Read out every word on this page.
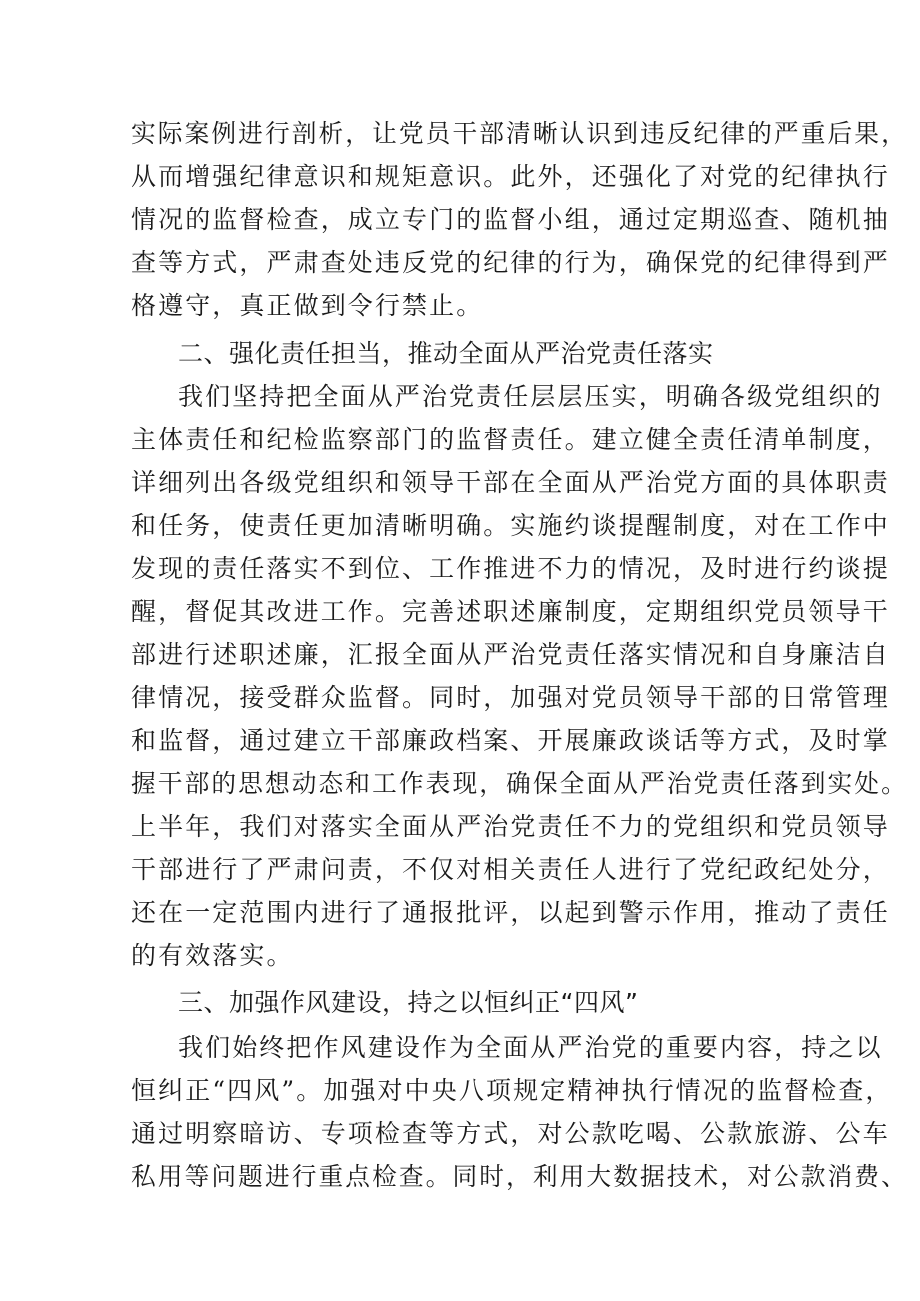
实际案例进行剖析，让党员干部清晰认识到违反纪律的严重后果，
从而增强纪律意识和规矩意识。此外，还强化了对党的纪律执行
情况的监督检查，成立专门的监督小组，通过定期巡查、随机抽
查等方式，严肃查处违反党的纪律的行为，确保党的纪律得到严
格遵守，真正做到令行禁止。
二、强化责任担当，推动全面从严治党责任落实
我们坚持把全面从严治党责任层层压实，明确各级党组织的
主体责任和纪检监察部门的监督责任。建立健全责任清单制度，
详细列出各级党组织和领导干部在全面从严治党方面的具体职责
和任务，使责任更加清晰明确。实施约谈提醒制度，对在工作中
发现的责任落实不到位、工作推进不力的情况，及时进行约谈提
醒，督促其改进工作。完善述职述廉制度，定期组织党员领导干
部进行述职述廉，汇报全面从严治党责任落实情况和自身廉洁自
律情况，接受群众监督。同时，加强对党员领导干部的日常管理
和监督，通过建立干部廉政档案、开展廉政谈话等方式，及时掌
握干部的思想动态和工作表现，确保全面从严治党责任落到实处。
上半年，我们对落实全面从严治党责任不力的党组织和党员领导
干部进行了严肃问责，不仅对相关责任人进行了党纪政纪处分，
还在一定范围内进行了通报批评，以起到警示作用，推动了责任
的有效落实。
三、加强作风建设，持之以恒纠正“四风”
我们始终把作风建设作为全面从严治党的重要内容，持之以
恒纠正“四风”。加强对中央八项规定精神执行情况的监督检查，
通过明察暗访、专项检查等方式，对公款吃喝、公款旅游、公车
私用等问题进行重点检查。同时，利用大数据技术，对公款消费、
